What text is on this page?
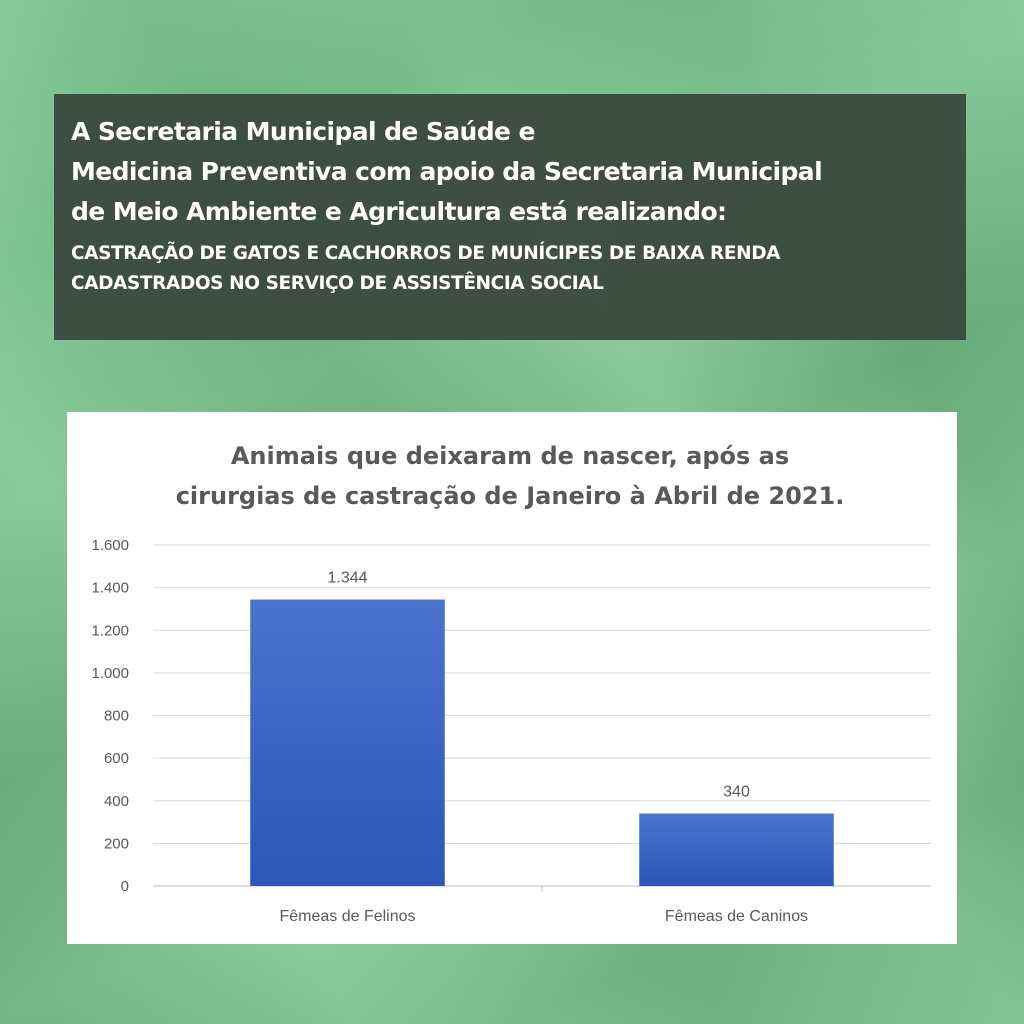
A Secretaria Municipal de Saúde e
Medicina Preventiva com apoio da Secretaria Municipal
de Meio Ambiente e Agricultura está realizando:
CASTRAÇÃO DE GATOS E CACHORROS DE MUNÍCIPES DE BAIXA RENDA
CADASTRADOS NO SERVIÇO DE ASSISTÊNCIA SOCIAL
Animais que deixaram de nascer, após as
cirurgias de castração de Janeiro à Abril de 2021.
0
200
400
600
800
1.000
1.200
1.400
1.600
1.344
340
Fêmeas de Felinos	Fêmeas de Caninos
